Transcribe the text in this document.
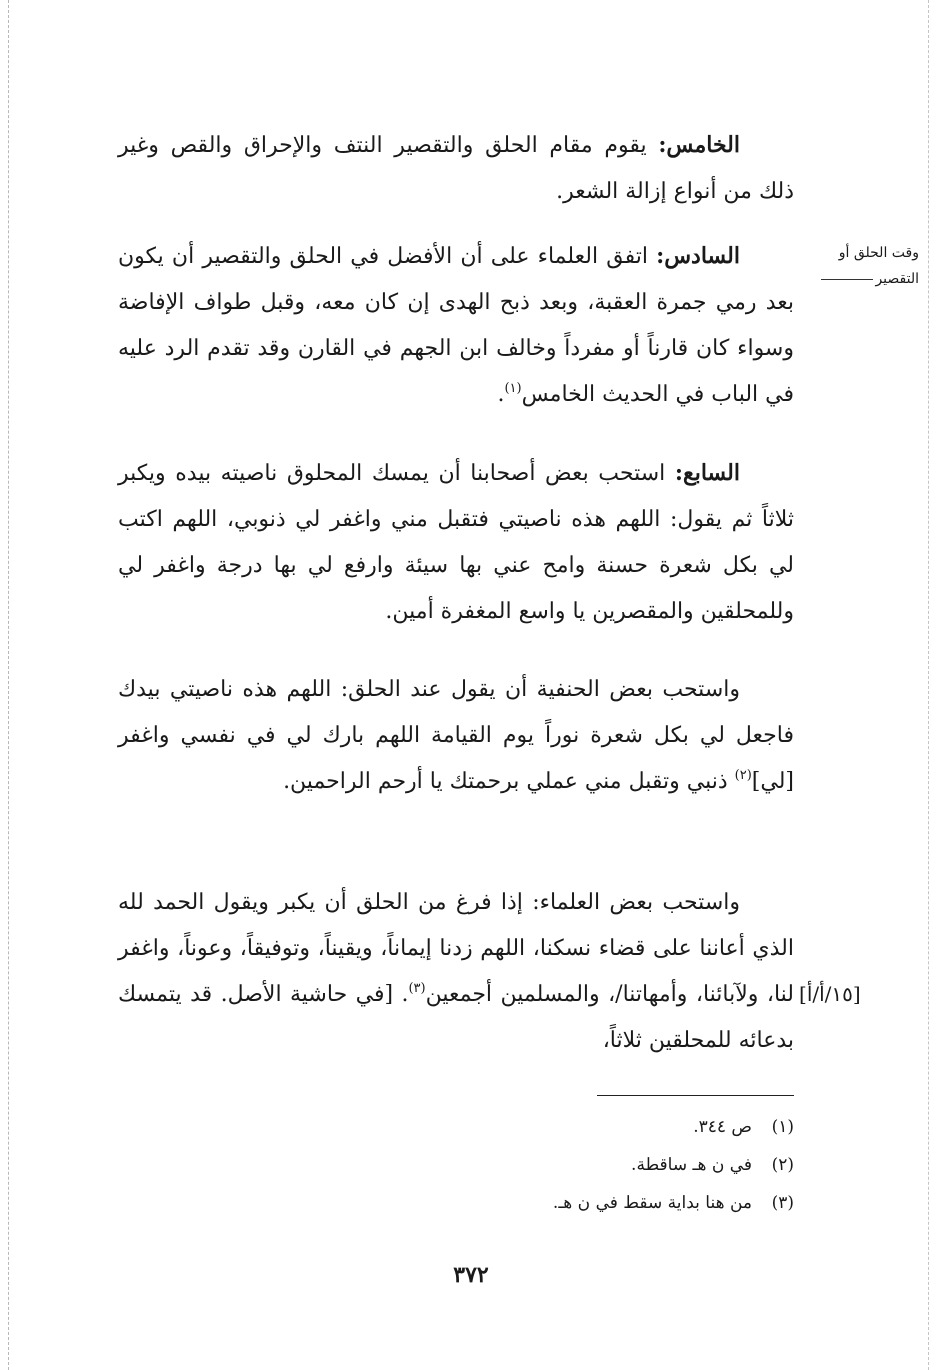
الخامس: يقوم مقام الحلق والتقصير النتف والإحراق والقص وغير ذلك من أنواع إزالة الشعر.

السادس: اتفق العلماء على أن الأفضل في الحلق والتقصير أن يكون بعد رمي جمرة العقبة، وبعد ذبح الهدى إن كان معه، وقبل طواف الإفاضة وسواء كان قارناً أو مفرداً وخالف ابن الجهم في القارن وقد تقدم الرد عليه في الباب في الحديث الخامس$^{(١)}$.

السابع: استحب بعض أصحابنا أن يمسك المحلوق ناصيته بيده ويكبر ثلاثاً ثم يقول: اللهم هذه ناصيتي فتقبل مني واغفر لي ذنوبي، اللهم اكتب لي بكل شعرة حسنة وامح عني بها سيئة وارفع لي بها درجة واغفر لي وللمحلقين والمقصرين يا واسع المغفرة أمين.

واستحب بعض الحنفية أن يقول عند الحلق: اللهم هذه ناصيتي بيدك فاجعل لي بكل شعرة نوراً يوم القيامة اللهم بارك لي في نفسي واغفر [لي]$^{(٢)}$ ذنبي وتقبل مني عملي برحمتك يا أرحم الراحمين.

واستحب بعض العلماء: إذا فرغ من الحلق أن يكبر ويقول الحمد لله الذي أعاننا على قضاء نسكنا، اللهم زدنا إيماناً، ويقيناً، وتوفيقاً، وعوناً، واغفر لنا، ولآبائنا، وأمهاتنا/، والمسلمين أجمعين$^{(٣)}$. [في حاشية الأصل. قد يتمسك بدعائه للمحلقين ثلاثاً،

وقت الحلق أو
التقصير
[١٥/أ/أ]
(١)ص ٣٤٤.
(٢)في ن هـ ساقطة.
(٣)من هنا بداية سقط في ن هـ.
٣٧٢
